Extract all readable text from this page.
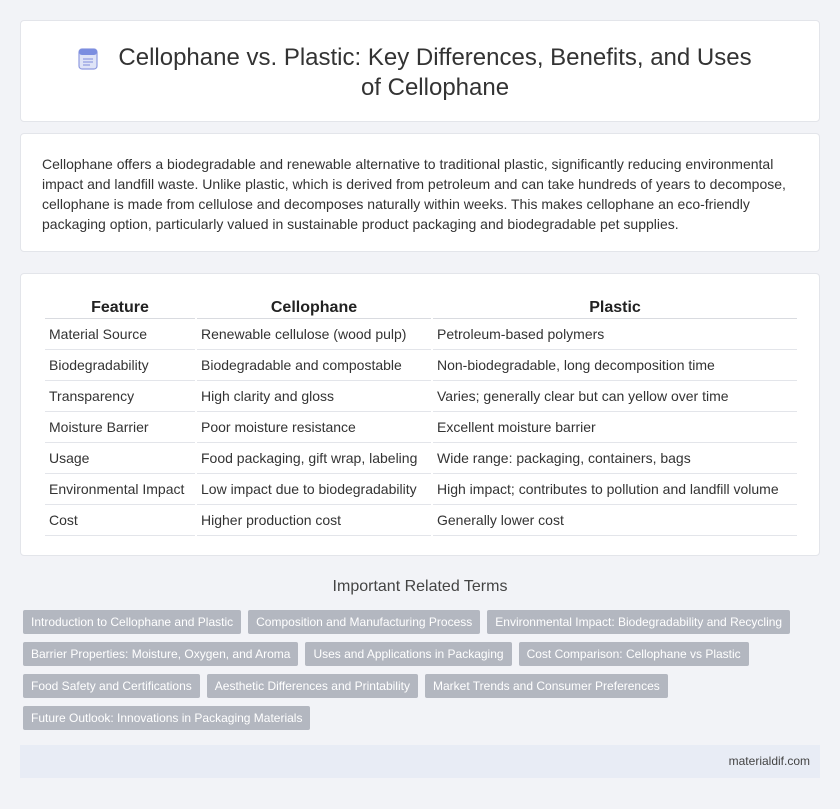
Cellophane vs. Plastic: Key Differences, Benefits, and Uses of Cellophane

Cellophane offers a biodegradable and renewable alternative to traditional plastic, significantly reducing environmental impact and landfill waste. Unlike plastic, which is derived from petroleum and can take hundreds of years to decompose, cellophane is made from cellulose and decomposes naturally within weeks. This makes cellophane an eco-friendly packaging option, particularly valued in sustainable product packaging and biodegradable pet supplies.

Feature	Cellophane	Plastic
Material Source	Renewable cellulose (wood pulp)	Petroleum-based polymers
Biodegradability	Biodegradable and compostable	Non-biodegradable, long decomposition time
Transparency	High clarity and gloss	Varies; generally clear but can yellow over time
Moisture Barrier	Poor moisture resistance	Excellent moisture barrier
Usage	Food packaging, gift wrap, labeling	Wide range: packaging, containers, bags
Environmental Impact	Low impact due to biodegradability	High impact; contributes to pollution and landfill volume
Cost	Higher production cost	Generally lower cost
Important Related Terms
Introduction to Cellophane and Plastic	Composition and Manufacturing Process	Environmental Impact: Biodegradability and Recycling
Barrier Properties: Moisture, Oxygen, and Aroma	Uses and Applications in Packaging	Cost Comparison: Cellophane vs Plastic
Food Safety and Certifications	Aesthetic Differences and Printability	Market Trends and Consumer Preferences
Future Outlook: Innovations in Packaging Materials
materialdif.com
